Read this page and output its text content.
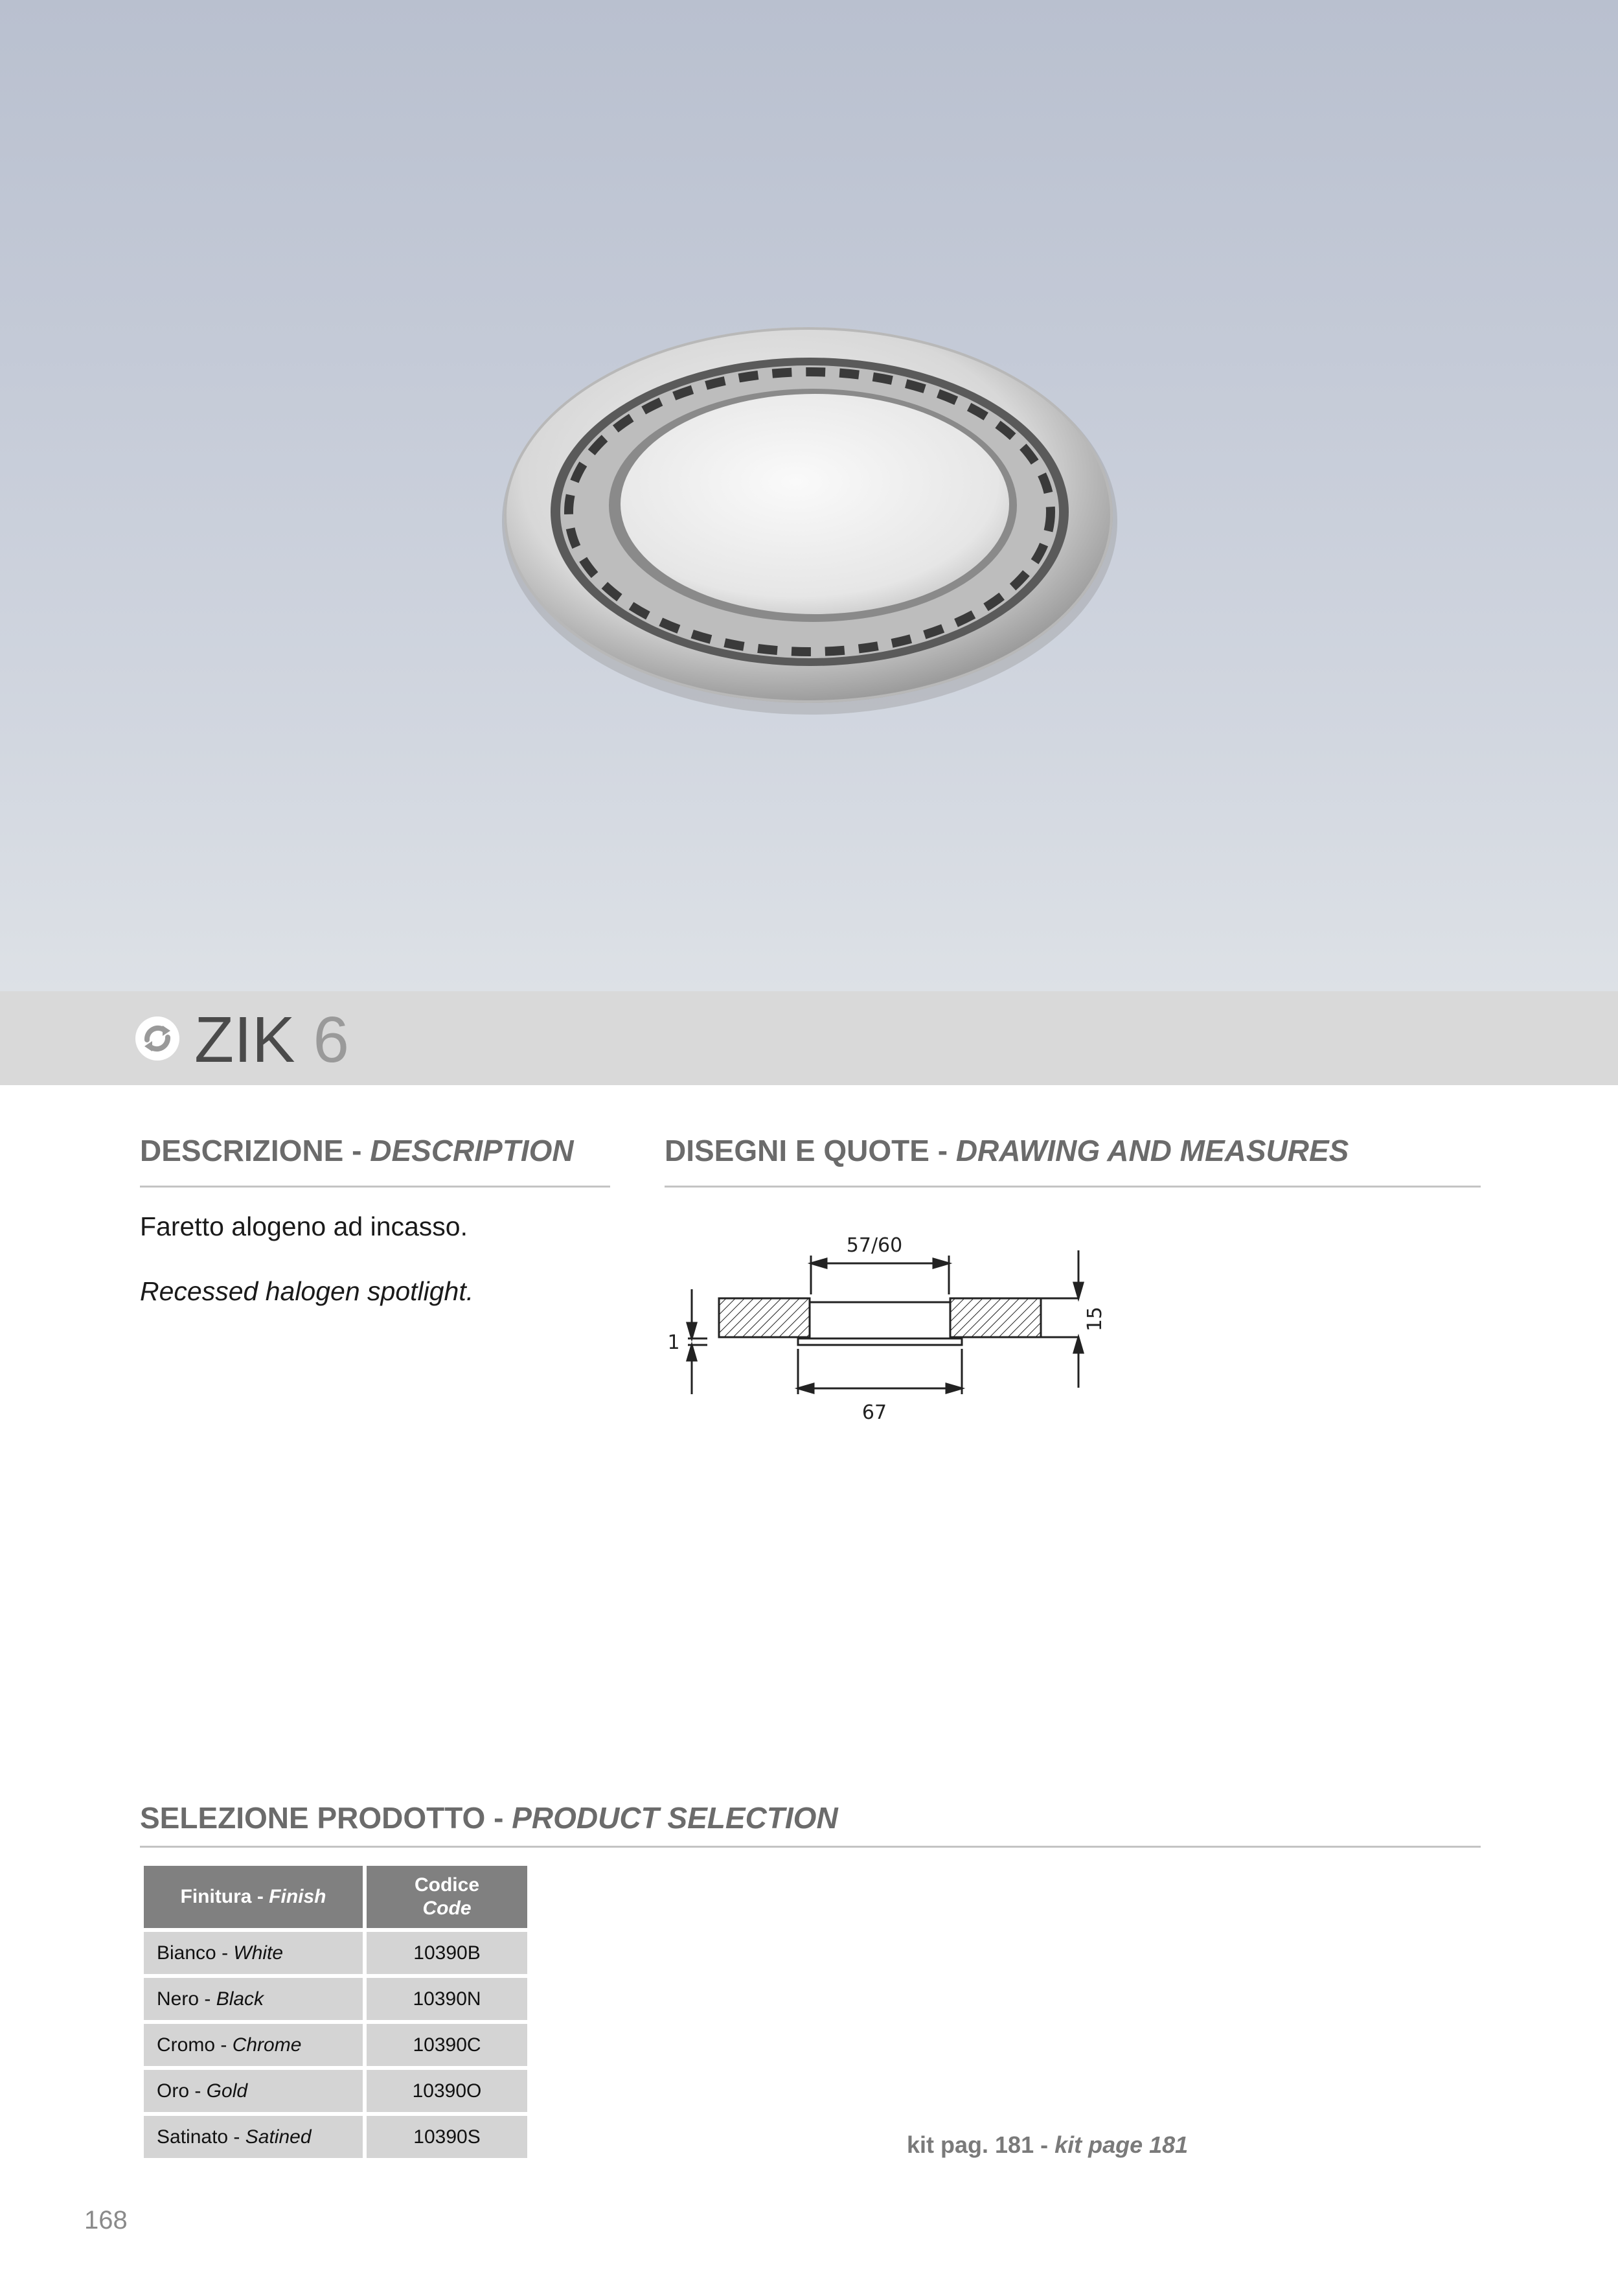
ZIK 6
DESCRIZIONE - DESCRIPTION
Faretto alogeno ad incasso.
Recessed halogen spotlight.
DISEGNI E QUOTE - DRAWING AND MEASURES
57/60
67
15
1
SELEZIONE PRODOTTO - PRODUCT SELECTION
Finitura - Finish	Codice
Code
Bianco - White	10390B
Nero - Black	10390N
Cromo - Chrome	10390C
Oro - Gold	10390O
Satinato - Satined	10390S	kit pag. 181 - kit page 181
168
